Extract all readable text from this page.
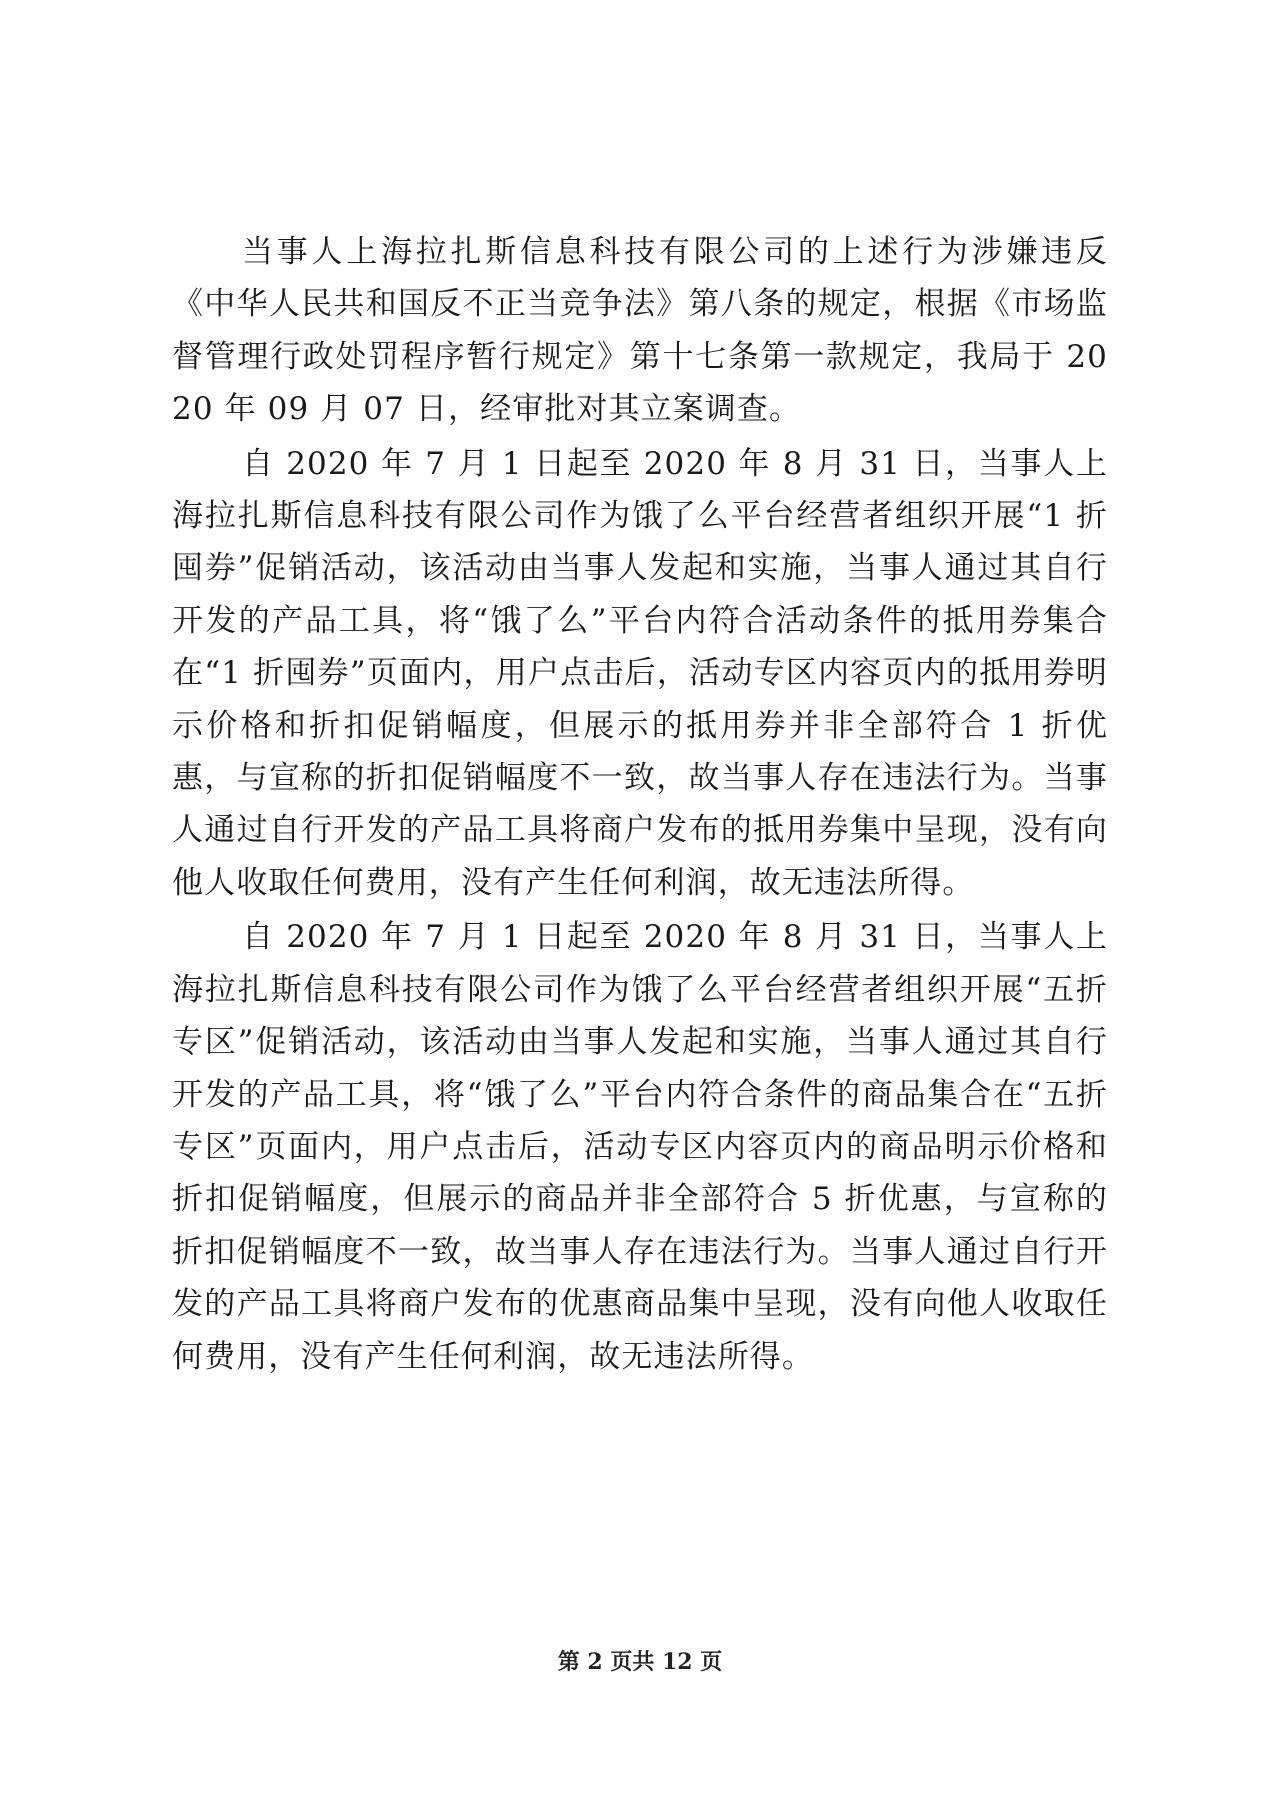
当事人上海拉扎斯信息科技有限公司的上述行为涉嫌违反《中华人民共和国反不正当竞争法》第八条的规定，根据《市场监督管理行政处罚程序暂行规定》第十七条第一款规定，我局于 2020 年 09 月 07 日，经审批对其立案调查。

自 2020 年 7 月 1 日起至 2020 年 8 月 31 日，当事人上海拉扎斯信息科技有限公司作为饿了么平台经营者组织开展“1 折囤券”促销活动，该活动由当事人发起和实施，当事人通过其自行开发的产品工具，将“饿了么”平台内符合活动条件的抵用券集合在“1 折囤券”页面内，用户点击后，活动专区内容页内的抵用券明示价格和折扣促销幅度，但展示的抵用券并非全部符合 1 折优惠，与宣称的折扣促销幅度不一致，故当事人存在违法行为。当事人通过自行开发的产品工具将商户发布的抵用券集中呈现，没有向他人收取任何费用，没有产生任何利润，故无违法所得。

自 2020 年 7 月 1 日起至 2020 年 8 月 31 日，当事人上海拉扎斯信息科技有限公司作为饿了么平台经营者组织开展“五折专区”促销活动，该活动由当事人发起和实施，当事人通过其自行开发的产品工具，将“饿了么”平台内符合条件的商品集合在“五折专区”页面内，用户点击后，活动专区内容页内的商品明示价格和折扣促销幅度，但展示的商品并非全部符合 5 折优惠，与宣称的折扣促销幅度不一致，故当事人存在违法行为。当事人通过自行开发的产品工具将商户发布的优惠商品集中呈现，没有向他人收取任何费用，没有产生任何利润，故无违法所得。

第 2 页共 12 页
